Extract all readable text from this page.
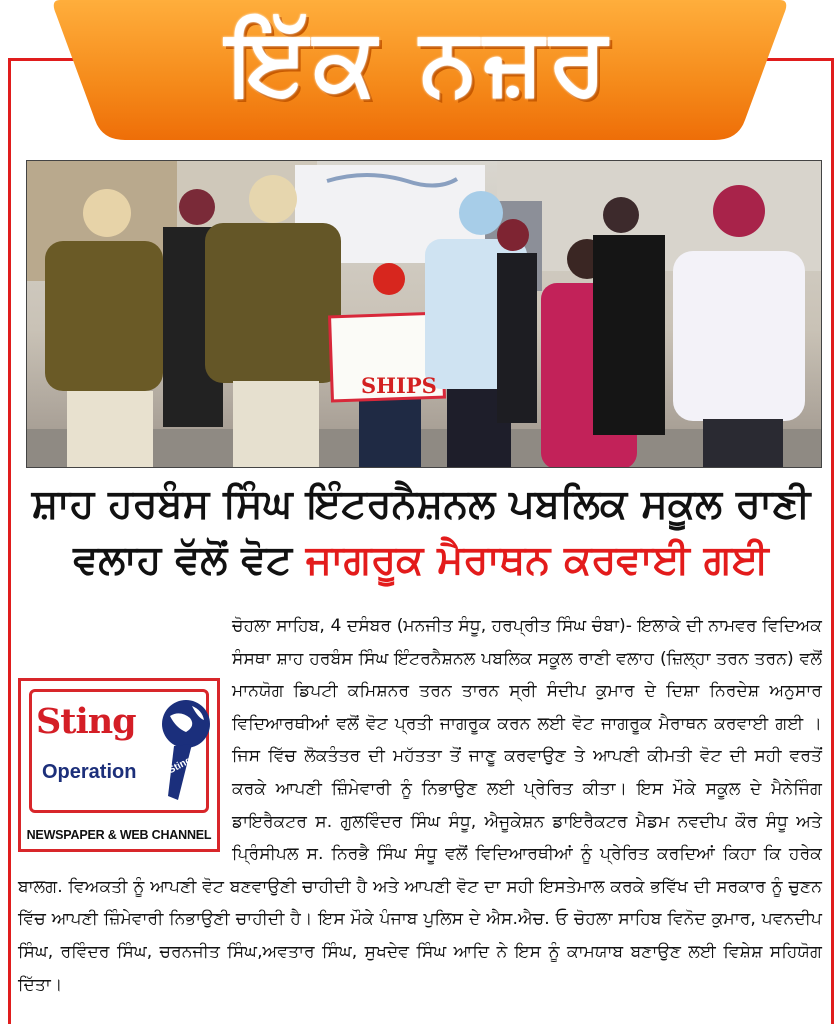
ਇੱਕ ਨਜ਼ਰ
SHIPS
ਸ਼ਾਹ ਹਰਬੰਸ ਸਿੰਘ ਇੰਟਰਨੈਸ਼ਨਲ ਪਬਲਿਕ ਸਕੂਲ ਰਾਣੀ ਵਲਾਹ ਵੱਲੋਂ ਵੋਟ ਜਾਗਰੂਕ ਮੈਰਾਥਨ ਕਰਵਾਈ ਗਈ
Sting
Operation	Sting
NEWSPAPER & WEB CHANNEL
ਚੋਹਲਾ ਸਾਹਿਬ, 4 ਦਸੰਬਰ (ਮਨਜੀਤ ਸੰਧੂ, ਹਰਪ੍ਰੀਤ ਸਿੰਘ ਚੰਬਾ)- ਇਲਾਕੇ ਦੀ ਨਾਮਵਰ ਵਿਦਿਅਕ ਸੰਸਥਾ ਸ਼ਾਹ ਹਰਬੰਸ ਸਿੰਘ ਇੰਟਰਨੈਸ਼ਨਲ ਪਬਲਿਕ ਸਕੂਲ ਰਾਣੀ ਵਲਾਹ (ਜ਼ਿਲ੍ਹਾ ਤਰਨ ਤਰਨ) ਵਲੋਂ ਮਾਨਯੋਗ ਡਿਪਟੀ ਕਮਿਸ਼ਨਰ ਤਰਨ ਤਾਰਨ ਸ੍ਰੀ ਸੰਦੀਪ ਕੁਮਾਰ ਦੇ ਦਿਸ਼ਾ ਨਿਰਦੇਸ਼ ਅਨੁਸਾਰ ਵਿਦਿਆਰਥੀਆਂ ਵਲੋਂ ਵੋਟ ਪ੍ਰਤੀ ਜਾਗਰੂਕ ਕਰਨ ਲਈ ਵੋਟ ਜਾਗਰੂਕ ਮੈਰਾਥਨ ਕਰਵਾਈ ਗਈ । ਜਿਸ ਵਿੱਚ ਲੋਕਤੰਤਰ ਦੀ ਮਹੱਤਤਾ ਤੋਂ ਜਾਣੂ ਕਰਵਾਉਣ ਤੇ ਆਪਣੀ ਕੀਮਤੀ ਵੋਟ ਦੀ ਸਹੀ ਵਰਤੋਂ ਕਰਕੇ ਆਪਣੀ ਜ਼ਿੰਮੇਵਾਰੀ ਨੂੰ ਨਿਭਾਉਣ ਲਈ ਪ੍ਰੇਰਿਤ ਕੀਤਾ। ਇਸ ਮੌਕੇ ਸਕੂਲ ਦੇ ਮੈਨੇਜਿੰਗ ਡਾਇਰੈਕਟਰ ਸ. ਗੁਲਵਿੰਦਰ ਸਿੰਘ ਸੰਧੂ, ਐਜੂਕੇਸ਼ਨ ਡਾਇਰੈਕਟਰ ਮੈਡਮ ਨਵਦੀਪ ਕੌਰ ਸੰਧੂ ਅਤੇ ਪ੍ਰਿੰਸੀਪਲ ਸ. ਨਿਰਭੈ ਸਿੰਘ ਸੰਧੂ ਵਲੋਂ ਵਿਦਿਆਰਥੀਆਂ ਨੂੰ ਪ੍ਰੇਰਿਤ ਕਰਦਿਆਂ ਕਿਹਾ ਕਿ ਹਰੇਕ ਬਾਲਗ. ਵਿਅਕਤੀ ਨੂੰ ਆਪਣੀ ਵੋਟ ਬਣਵਾਉਣੀ ਚਾਹੀਦੀ ਹੈ ਅਤੇ ਆਪਣੀ ਵੋਟ ਦਾ ਸਹੀ ਇਸਤੇਮਾਲ ਕਰਕੇ ਭਵਿੱਖ ਦੀ ਸਰਕਾਰ ਨੂੰ ਚੁਣਨ ਵਿੱਚ ਆਪਣੀ ਜ਼ਿੰਮੇਵਾਰੀ ਨਿਭਾਉਣੀ ਚਾਹੀਦੀ ਹੈ। ਇਸ ਮੌਕੇ ਪੰਜਾਬ ਪੁਲਿਸ ਦੇ ਐਸ.ਐਚ. ਓ ਚੋਹਲਾ ਸਾਹਿਬ ਵਿਨੋਦ ਕੁਮਾਰ, ਪਵਨਦੀਪ ਸਿੰਘ, ਰਵਿੰਦਰ ਸਿੰਘ, ਚਰਨਜੀਤ ਸਿੰਘ,ਅਵਤਾਰ ਸਿੰਘ, ਸੁਖਦੇਵ ਸਿੰਘ ਆਦਿ ਨੇ ਇਸ ਨੂੰ ਕਾਮਯਾਬ ਬਣਾਉਣ ਲਈ ਵਿਸ਼ੇਸ਼ ਸਹਿਯੋਗ ਦਿੱਤਾ।
